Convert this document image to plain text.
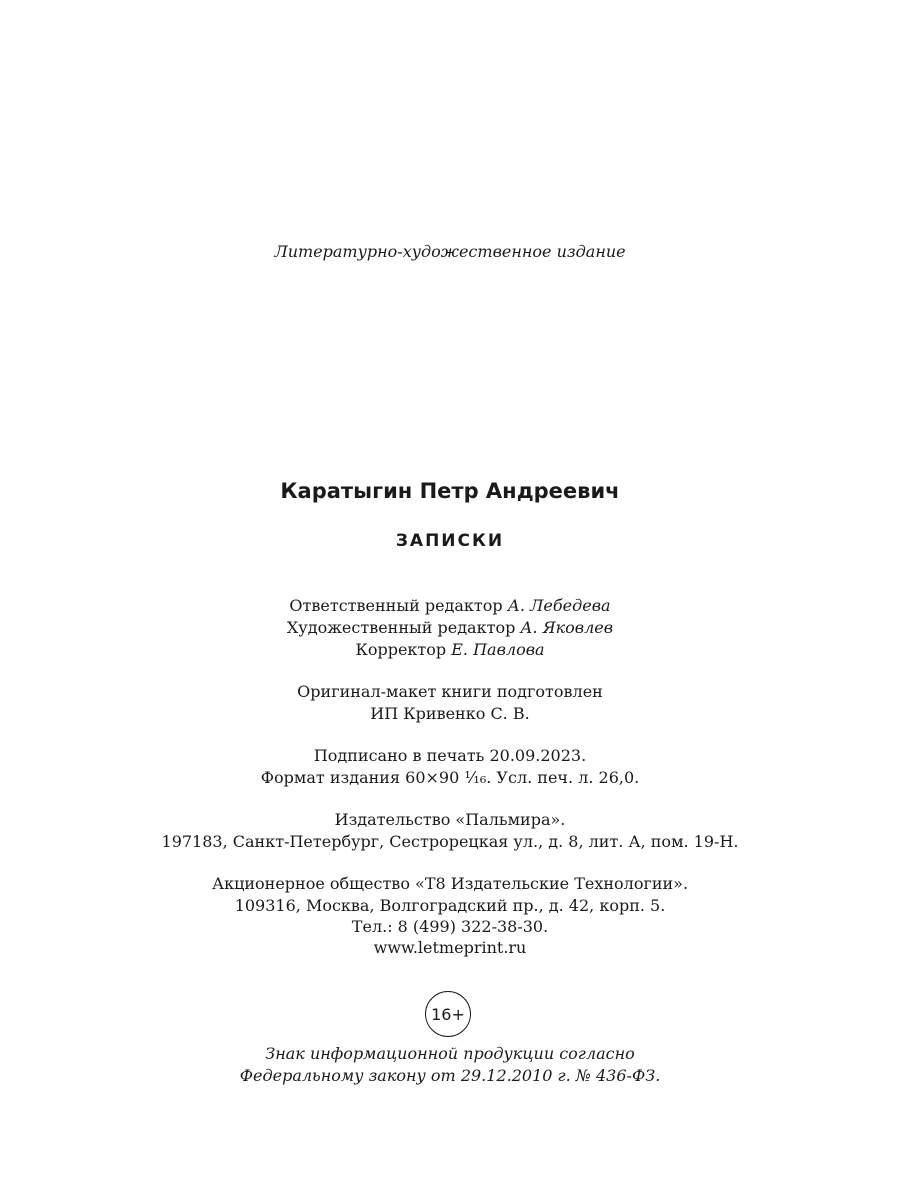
Литературно-художественное издание
Каратыгин Петр Андреевич
ЗАПИСКИ
Ответственный редактор А. Лебедева
Художественный редактор А. Яковлев
Корректор Е. Павлова
Оригинал-макет книги подготовлен
ИП Кривенко С. В.
Подписано в печать 20.09.2023.
Формат издания 60×90 ¹⁄₁₆. Усл. печ. л. 26,0.
Издательство «Пальмира».
197183, Санкт-Петербург, Сестрорецкая ул., д. 8, лит. А, пом. 19-Н.
Акционерное общество «Т8 Издательские Технологии».
109316, Москва, Волгоградский пр., д. 42, корп. 5.
Тел.: 8 (499) 322-38-30.
www.letmeprint.ru
16+
Знак информационной продукции согласно
Федеральному закону от 29.12.2010 г. № 436-ФЗ.
